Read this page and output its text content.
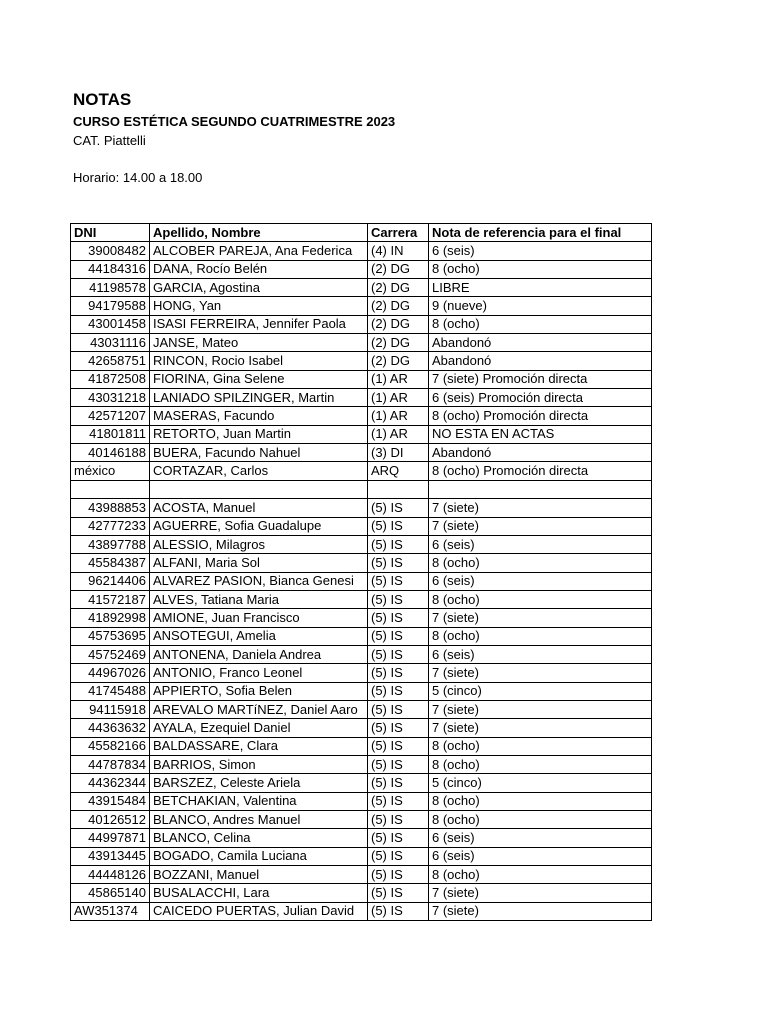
NOTAS

CURSO ESTÉTICA SEGUNDO CUATRIMESTRE 2023

CAT. Piattelli

Horario: 14.00 a 18.00

DNI	Apellido, Nombre	Carrera	Nota de referencia para el final
39008482	ALCOBER PAREJA, Ana Federica	(4) IN	6 (seis)
44184316	DANA, Rocío Belén	(2) DG	8 (ocho)
41198578	GARCIA, Agostina	(2) DG	LIBRE
94179588	HONG, Yan	(2) DG	9 (nueve)
43001458	ISASI FERREIRA, Jennifer Paola	(2) DG	8 (ocho)
43031116	JANSE, Mateo	(2) DG	Abandonó
42658751	RINCON, Rocio Isabel	(2) DG	Abandonó
41872508	FIORINA, Gina Selene	(1) AR	7 (siete) Promoción directa
43031218	LANIADO SPILZINGER, Martin	(1) AR	6 (seis) Promoción directa
42571207	MASERAS, Facundo	(1) AR	8 (ocho) Promoción directa
41801811	RETORTO, Juan Martin	(1) AR	NO ESTA EN ACTAS
40146188	BUERA, Facundo Nahuel	(3) DI	Abandonó
méxico	CORTAZAR, Carlos	ARQ	8 (ocho) Promoción directa

43988853	ACOSTA, Manuel	(5) IS	7 (siete)
42777233	AGUERRE, Sofia Guadalupe	(5) IS	7 (siete)
43897788	ALESSIO, Milagros	(5) IS	6 (seis)
45584387	ALFANI, Maria Sol	(5) IS	8 (ocho)
96214406	ALVAREZ PASION, Bianca Genesi	(5) IS	6 (seis)
41572187	ALVES, Tatiana Maria	(5) IS	8 (ocho)
41892998	AMIONE, Juan Francisco	(5) IS	7 (siete)
45753695	ANSOTEGUI, Amelia	(5) IS	8 (ocho)
45752469	ANTONENA, Daniela Andrea	(5) IS	6 (seis)
44967026	ANTONIO, Franco Leonel	(5) IS	7 (siete)
41745488	APPIERTO, Sofia Belen	(5) IS	5 (cinco)
94115918	AREVALO MARTíNEZ, Daniel Aaro	(5) IS	7 (siete)
44363632	AYALA, Ezequiel Daniel	(5) IS	7 (siete)
45582166	BALDASSARE, Clara	(5) IS	8 (ocho)
44787834	BARRIOS, Simon	(5) IS	8 (ocho)
44362344	BARSZEZ, Celeste Ariela	(5) IS	5 (cinco)
43915484	BETCHAKIAN, Valentina	(5) IS	8 (ocho)
40126512	BLANCO, Andres Manuel	(5) IS	8 (ocho)
44997871	BLANCO, Celina	(5) IS	6 (seis)
43913445	BOGADO, Camila Luciana	(5) IS	6 (seis)
44448126	BOZZANI, Manuel	(5) IS	8 (ocho)
45865140	BUSALACCHI, Lara	(5) IS	7 (siete)
AW351374	CAICEDO PUERTAS, Julian David	(5) IS	7 (siete)
